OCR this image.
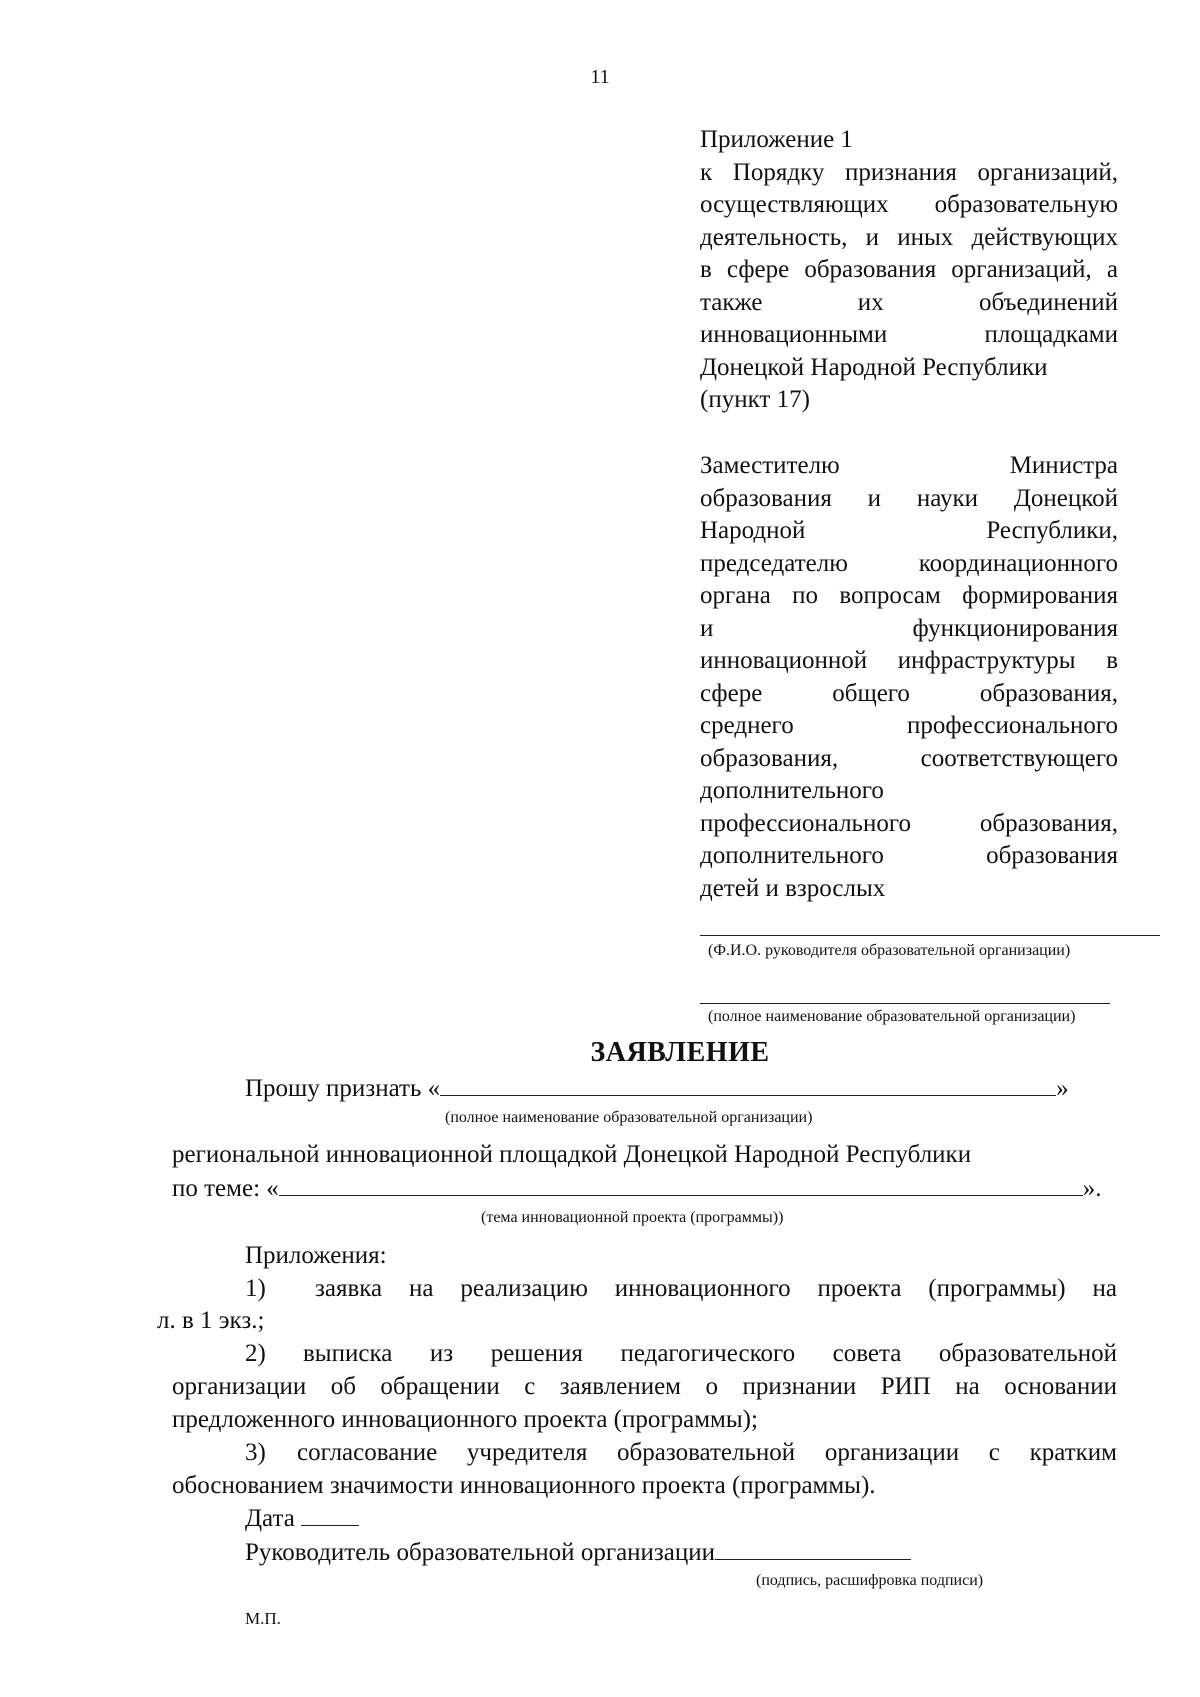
11
Приложение 1
к Порядку признания организаций,
осуществляющих образовательную
деятельность, и иных действующих
в сфере образования организаций, а
также их объединений
инновационными площадками
Донецкой Народной Республики
(пункт 17)
Заместителю Министра
образования и науки Донецкой
Народной Республики,
председателю координационного
органа по вопросам формирования
и функционирования
инновационной инфраструктуры в
сфере общего образования,
среднего профессионального
образования, соответствующего
дополнительного
профессионального образования,
дополнительного образования
детей и взрослых
(Ф.И.О. руководителя образовательной организации)
(полное наименование образовательной организации)
ЗАЯВЛЕНИЕ
Прошу признать «	»
(полное наименование образовательной организации)
региональной инновационной площадкой Донецкой Народной Республики
по теме: «	».
(тема инновационной проекта (программы))
Приложения:
1) заявка на реализацию инновационного проекта (программы) на
л. в 1 экз.;
2) выписка из решения педагогического совета образовательной
организации об обращении с заявлением о признании РИП на основании
предложенного инновационного проекта (программы);
3) согласование учредителя образовательной организации с кратким
обоснованием значимости инновационного проекта (программы).
Дата
Руководитель образовательной организации
(подпись, расшифровка подписи)
М.П.
